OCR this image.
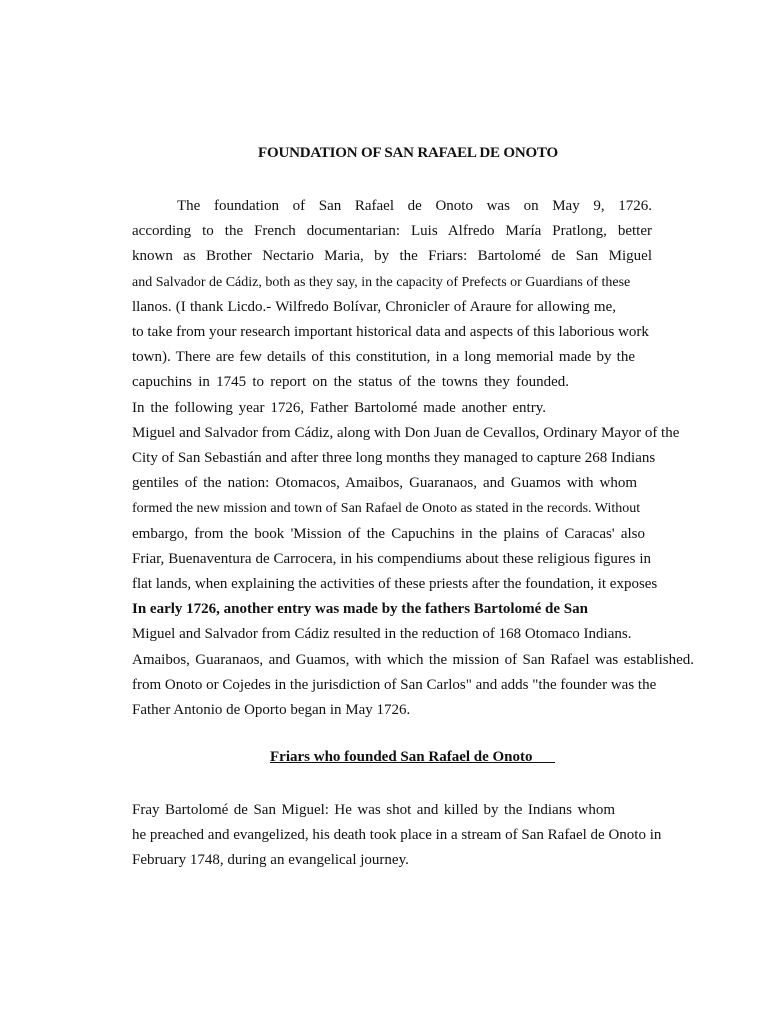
FOUNDATION OF SAN RAFAEL DE ONOTO
The foundation of San Rafael de Onoto was on May 9, 1726.
according to the French documentarian: Luis Alfredo María Pratlong, better
known as Brother Nectario Maria, by the Friars: Bartolomé de San Miguel
and Salvador de Cádiz, both as they say, in the capacity of Prefects or Guardians of these
llanos. (I thank Licdo.- Wilfredo Bolívar, Chronicler of Araure for allowing me,
to take from your research important historical data and aspects of this laborious work
town). There are few details of this constitution, in a long memorial made by the
capuchins in 1745 to report on the status of the towns they founded.
In the following year 1726, Father Bartolomé made another entry.
Miguel and Salvador from Cádiz, along with Don Juan de Cevallos, Ordinary Mayor of the
City of San Sebastián and after three long months they managed to capture 268 Indians
gentiles of the nation: Otomacos, Amaibos, Guaranaos, and Guamos with whom
formed the new mission and town of San Rafael de Onoto as stated in the records. Without
embargo, from the book 'Mission of the Capuchins in the plains of Caracas' also
Friar, Buenaventura de Carrocera, in his compendiums about these religious figures in
flat lands, when explaining the activities of these priests after the foundation, it exposes
In early 1726, another entry was made by the fathers Bartolomé de San
Miguel and Salvador from Cádiz resulted in the reduction of 168 Otomaco Indians.
Amaibos, Guaranaos, and Guamos, with which the mission of San Rafael was established.
from Onoto or Cojedes in the jurisdiction of San Carlos" and adds "the founder was the
Father Antonio de Oporto began in May 1726.
Friars who founded San Rafael de Onoto
Fray Bartolomé de San Miguel: He was shot and killed by the Indians whom
he preached and evangelized, his death took place in a stream of San Rafael de Onoto in
February 1748, during an evangelical journey.
